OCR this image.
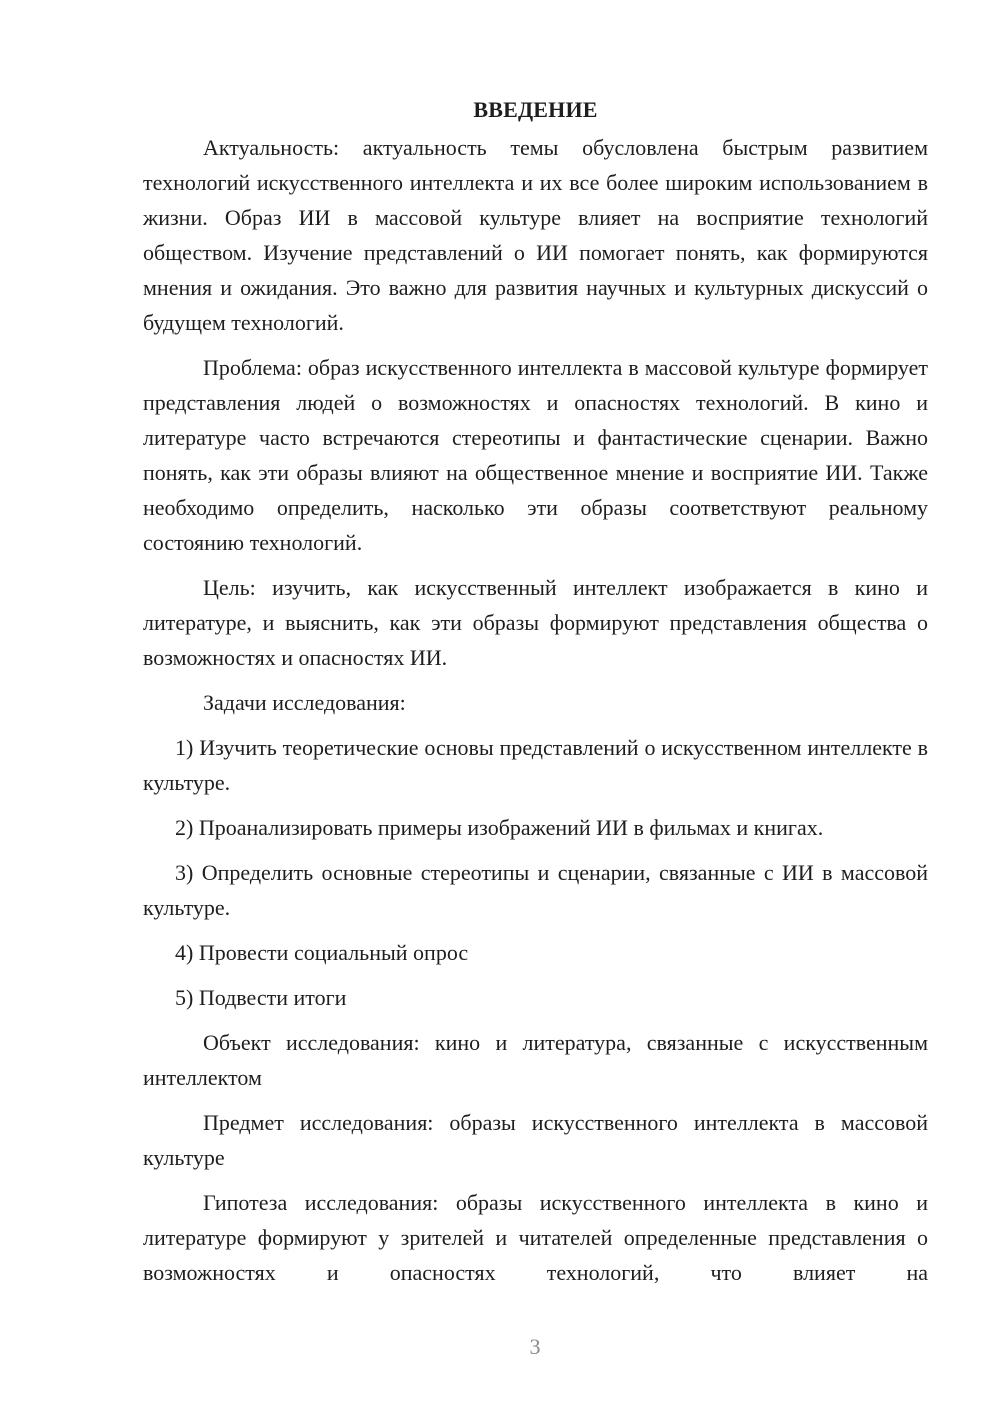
ВВЕДЕНИЕ

Актуальность: актуальность темы обусловлена быстрым развитием технологий искусственного интеллекта и их все более широким использованием в жизни. Образ ИИ в массовой культуре влияет на восприятие технологий обществом. Изучение представлений о ИИ помогает понять, как формируются мнения и ожидания. Это важно для развития научных и культурных дискуссий о будущем технологий.

Проблема: образ искусственного интеллекта в массовой культуре формирует представления людей о возможностях и опасностях технологий. В кино и литературе часто встречаются стереотипы и фантастические сценарии. Важно понять, как эти образы влияют на общественное мнение и восприятие ИИ. Также необходимо определить, насколько эти образы соответствуют реальному состоянию технологий.

Цель: изучить, как искусственный интеллект изображается в кино и литературе, и выяснить, как эти образы формируют представления общества о возможностях и опасностях ИИ.

Задачи исследования:

1) Изучить теоретические основы представлений о искусственном интеллекте в культуре.

2) Проанализировать примеры изображений ИИ в фильмах и книгах.

3) Определить основные стереотипы и сценарии, связанные с ИИ в массовой культуре.

4) Провести социальный опрос

5) Подвести итоги

Объект исследования: кино и литература, связанные с искусственным интеллектом

Предмет исследования: образы искусственного интеллекта в массовой культуре

Гипотеза исследования: образы искусственного интеллекта в кино и литературе формируют у зрителей и читателей определенные представления о возможностях и опасностях технологий, что влияет на

3
